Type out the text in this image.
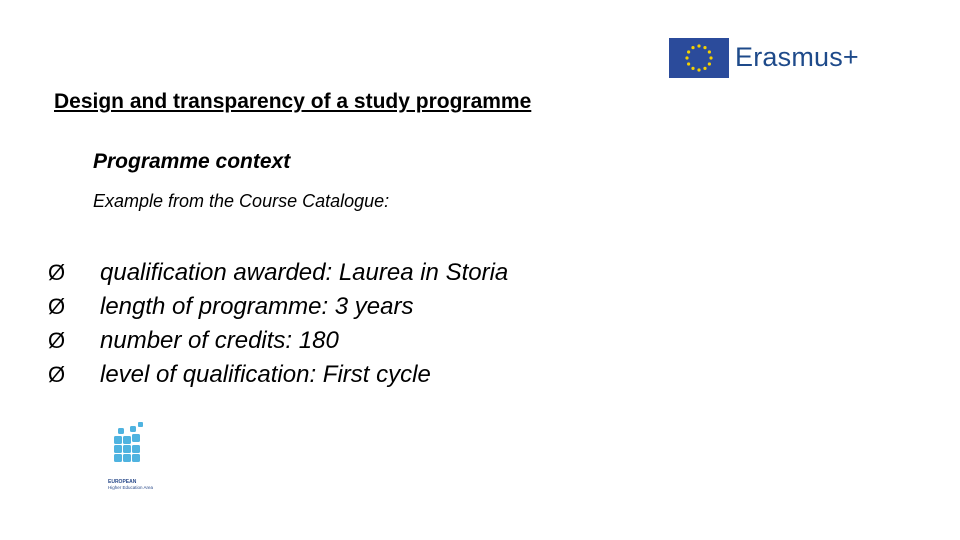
Erasmus+
Design and transparency of a study programme
Programme context
Example from the Course Catalogue:
Ø	qualification awarded: Laurea in Storia
Ø	length of programme: 3 years
Ø	number of credits: 180
Ø	level of qualification: First cycle
EUROPEAN
Higher Education Area
